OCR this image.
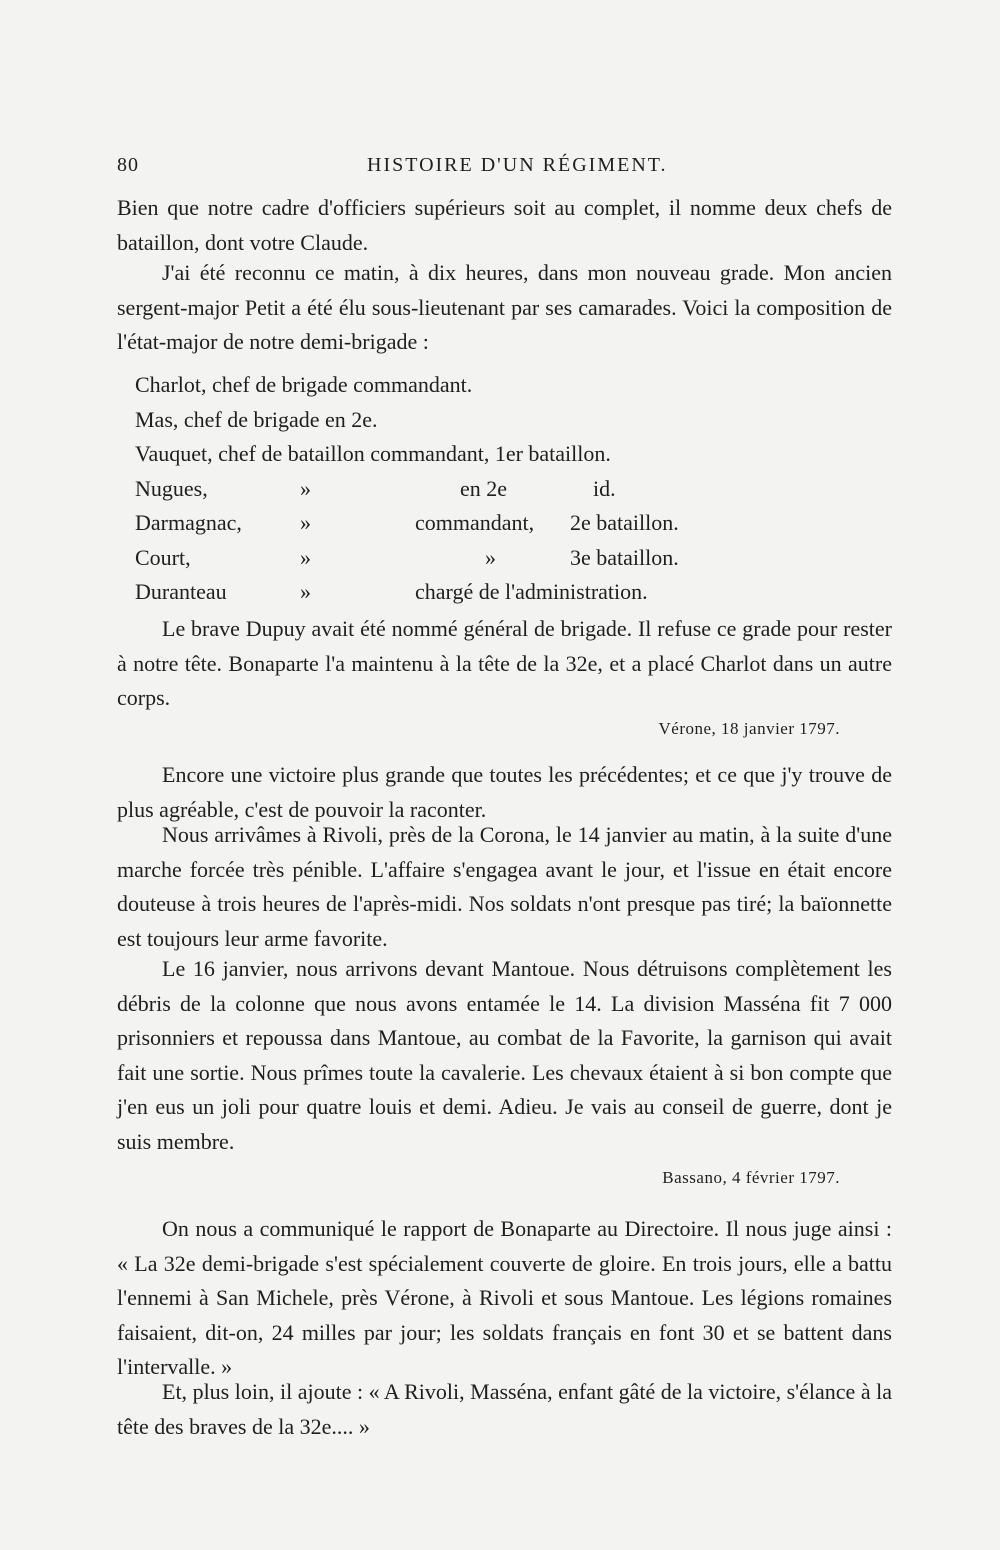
80	HISTOIRE D'UN RÉGIMENT.

Bien que notre cadre d'officiers supérieurs soit au complet, il nomme deux chefs de bataillon, dont votre Claude.

J'ai été reconnu ce matin, à dix heures, dans mon nouveau grade. Mon ancien sergent-major Petit a été élu sous-lieutenant par ses camarades. Voici la composition de l'état-major de notre demi-brigade :

Charlot, chef de brigade commandant.
Mas, chef de brigade en 2e.
Vauquet, chef de bataillon commandant, 1er bataillon.
Nugues,	»	en 2e	id.
Darmagnac,	»	commandant, 2e bataillon.
Court,	»	»	3e bataillon.
Duranteau	»	chargé de l'administration.

Le brave Dupuy avait été nommé général de brigade. Il refuse ce grade pour rester à notre tête. Bonaparte l'a maintenu à la tête de la 32e, et a placé Charlot dans un autre corps.

Vérone, 18 janvier 1797.

Encore une victoire plus grande que toutes les précédentes; et ce que j'y trouve de plus agréable, c'est de pouvoir la raconter.

Nous arrivâmes à Rivoli, près de la Corona, le 14 janvier au matin, à la suite d'une marche forcée très pénible. L'affaire s'engagea avant le jour, et l'issue en était encore douteuse à trois heures de l'après-midi. Nos soldats n'ont presque pas tiré; la baïonnette est toujours leur arme favorite.

Le 16 janvier, nous arrivons devant Mantoue. Nous détruisons complètement les débris de la colonne que nous avons entamée le 14. La division Masséna fit 7 000 prisonniers et repoussa dans Mantoue, au combat de la Favorite, la garnison qui avait fait une sortie. Nous prîmes toute la cavalerie. Les chevaux étaient à si bon compte que j'en eus un joli pour quatre louis et demi. Adieu. Je vais au conseil de guerre, dont je suis membre.

Bassano, 4 février 1797.

On nous a communiqué le rapport de Bonaparte au Directoire. Il nous juge ainsi : « La 32e demi-brigade s'est spécialement couverte de gloire. En trois jours, elle a battu l'ennemi à San Michele, près Vérone, à Rivoli et sous Mantoue. Les légions romaines faisaient, dit-on, 24 milles par jour; les soldats français en font 30 et se battent dans l'intervalle. »

Et, plus loin, il ajoute : « A Rivoli, Masséna, enfant gâté de la victoire, s'élance à la tête des braves de la 32e.... »
